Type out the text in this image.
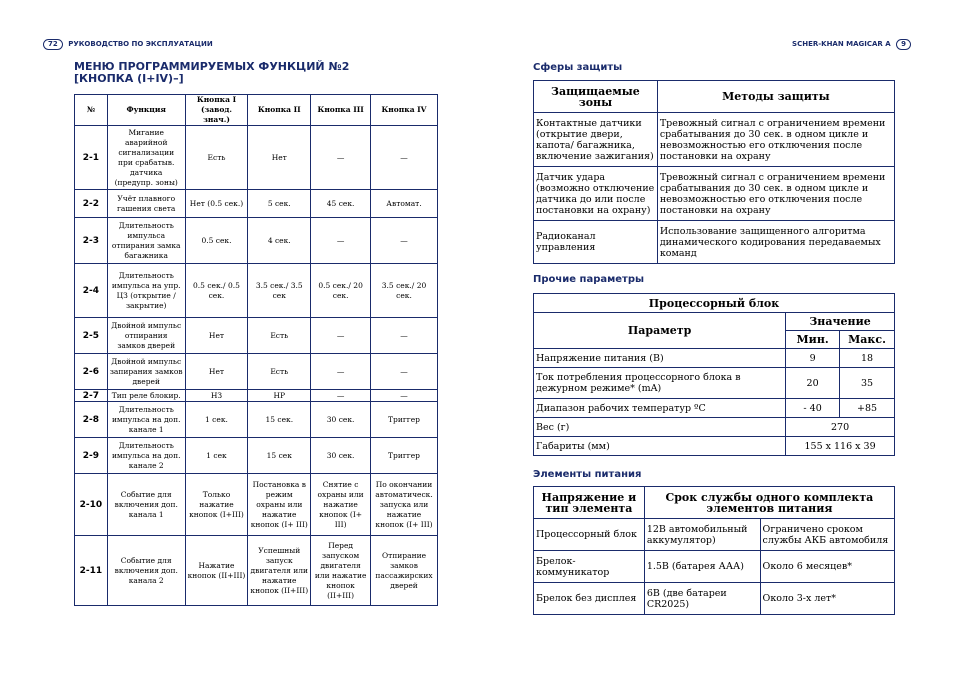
72 РУКОВОДСТВО ПО ЭКСПЛУАТАЦИИ	SCHER-KHAN MAGICAR A 9
МЕНЮ ПРОГРАММИРУЕМЫХ ФУНКЦИЙ №2
[КНОПКА (I+IV)–]
№	Функция	Кнопка I (завод. знач.)	Кнопка II	Кнопка III	Кнопка IV
2-1	Мигание аварийной сигнализации при срабатыв. датчика (предупр. зоны)	Есть	Нет	—	—
2-2	Учёт плавного гашения света	Нет (0.5 сек.)	5 сек.	45 сек.	Автомат.
2-3	Длительность импульса отпирания замка багажника	0.5 сек.	4 сек.	—	—
2-4	Длительность импульса на упр. ЦЗ (открытие /закрытие)	0.5 сек./ 0.5 сек.	3.5 сек./ 3.5 сек	0.5 сек./ 20 сек.	3.5 сек./ 20 сек.
2-5	Двойной импульс отпирания замков дверей	Нет	Есть	—	—
2-6	Двойной импульс запирания замков дверей	Нет	Есть	—	—
2-7	Тип реле блокир.	НЗ	НР	—	—
2-8	Длительность импульса на доп. канале 1	1 сек.	15 сек.	30 сек.	Триггер
2-9	Длительность импульса на доп. канале 2	1 сек	15 сек	30 сек.	Триггер
2-10	Событие для включения доп. канала 1	Только нажатие кнопок (I+III)	Постановка в режим охраны или нажатие кнопок (I+ III)	Снятие с охраны или нажатие кнопок (I+ III)	По окончании автоматическ. запуска или нажатие кнопок (I+ III)
2-11	Событие для включения доп. канала 2	Нажатие кнопок (II+III)	Успешный запуск двигателя или нажатие кнопок (II+III)	Перед запуском двигателя или нажатие кнопок (II+III)	Отпирание замков пассажирских дверей
Сферы защиты
Защищаемые зоны	Методы защиты
Контактные датчики (открытие двери, капота/ багажника, включение зажигания)	Тревожный сигнал с ограничением времени срабатывания до 30 сек. в одном цикле и невозможностью его отключения после постановки на охрану
Датчик удара (возможно отключение датчика до или после постановки на охрану)	Тревожный сигнал с ограничением времени срабатывания до 30 сек. в одном цикле и невозможностью его отключения после постановки на охрану
Радиоканал управления	Использование защищенного алгоритма динамического кодирования передаваемых команд
Прочие параметры
Процессорный блок		
Параметр	Значение	
	Мин.	Макс.
Напряжение питания (В)	9	18
Ток потребления процессорного блока в дежурном режиме* (mA)	20	35
Диапазон рабочих температур ºС	- 40	+85
Вес (г)	270	
Габариты (мм)	155 х 116 х 39	
Элементы питания
Напряжение и тип элемента	Срок службы одного комплекта элементов питания	
Процессорный блок	12В автомобильный аккумулятор)	Ограничено сроком службы АКБ автомобиля
Брелок-коммуникатор	1.5В (батарея ААА)	Около 6 месяцев*
Брелок без дисплея	6В (две батареи CR2025)	Около 3-х лет*
